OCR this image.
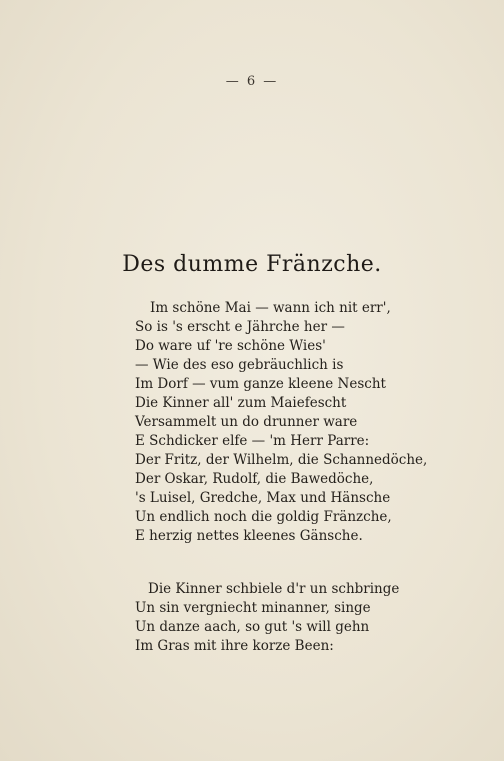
— 6 —
Des dumme Fränzche.
Im schöne Mai — wann ich nit err',
So is 's erscht e Jährche her —
Do ware uf 're schöne Wies'
— Wie des eso gebräuchlich is
Im Dorf — vum ganze kleene Nescht
Die Kinner all' zum Maiefescht
Versammelt un do drunner ware
E Schdicker elfe — 'm Herr Parre:
Der Fritz, der Wilhelm, die Schannedöche,
Der Oskar, Rudolf, die Bawedöche,
's Luisel, Gredche, Max und Hänsche
Un endlich noch die goldig Fränzche,
E herzig nettes kleenes Gänsche.
Die Kinner schbiele d'r un schbringe
Un sin vergniecht minanner, singe
Un danze aach, so gut 's will gehn
Im Gras mit ihre korze Been:
